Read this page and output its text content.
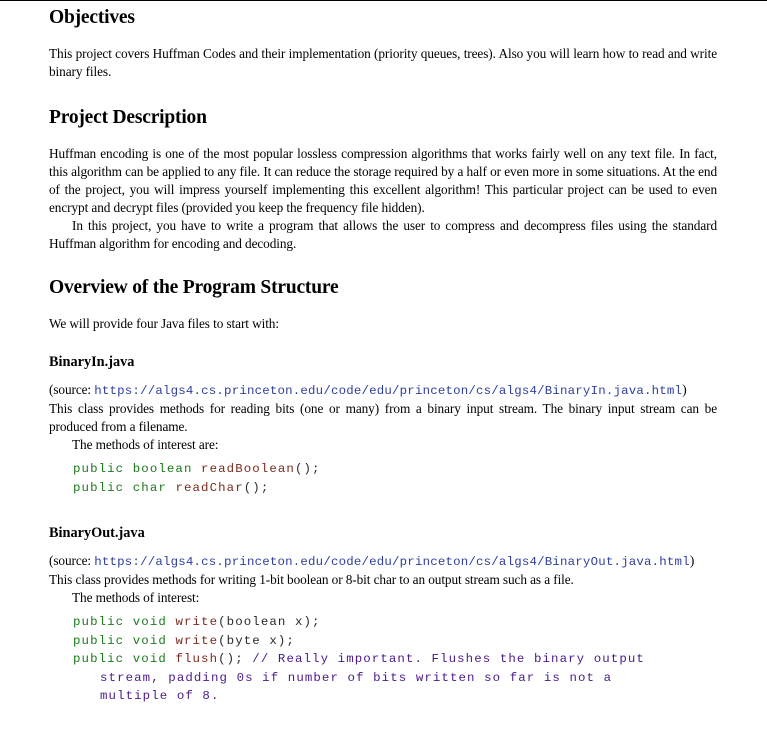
Objectives

This project covers Huffman Codes and their implementation (priority queues, trees). Also you will learn how to read and write binary files.

Project Description

Huffman encoding is one of the most popular lossless compression algorithms that works fairly well on any text file. In fact, this algorithm can be applied to any file. It can reduce the storage required by a half or even more in some situations. At the end of the project, you will impress yourself implementing this excellent algorithm! This particular project can be used to even encrypt and decrypt files (provided you keep the frequency file hidden).

In this project, you have to write a program that allows the user to compress and decompress files using the standard Huffman algorithm for encoding and decoding.

Overview of the Program Structure

We will provide four Java files to start with:

BinaryIn.java

(source: https://algs4.cs.princeton.edu/code/edu/princeton/cs/algs4/BinaryIn.java.html)

This class provides methods for reading bits (one or many) from a binary input stream. The binary input stream can be produced from a filename.

The methods of interest are:

public boolean readBoolean();
public char readChar();
BinaryOut.java

(source: https://algs4.cs.princeton.edu/code/edu/princeton/cs/algs4/BinaryOut.java.html)

This class provides methods for writing 1-bit boolean or 8-bit char to an output stream such as a file.

The methods of interest:

public void write(boolean x);
public void write(byte x);
public void flush(); // Really important. Flushes the binary output
stream, padding 0s if number of bits written so far is not a
multiple of 8.
